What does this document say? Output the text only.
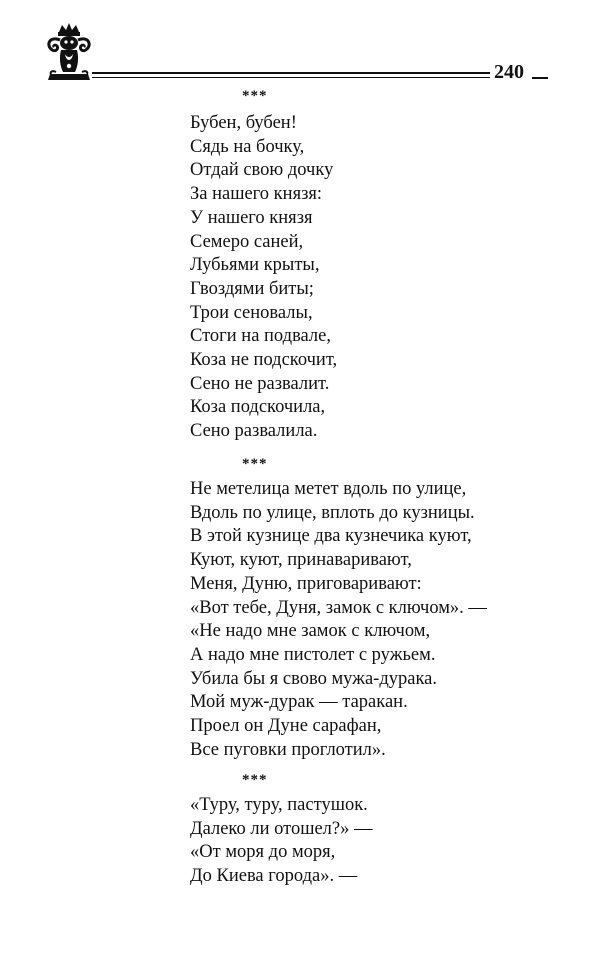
240
***
Бубен, бубен!
Сядь на бочку,
Отдай свою дочку
За нашего князя:
У нашего князя
Семеро саней,
Лубьями крыты,
Гвоздями биты;
Трои сеновалы,
Стоги на подвале,
Коза не подскочит,
Сено не развалит.
Коза подскочила,
Сено развалила.
***
Не метелица метет вдоль по улице,
Вдоль по улице, вплоть до кузницы.
В этой кузнице два кузнечика куют,
Куют, куют, принаваривают,
Меня, Дуню, приговаривают:
«Вот тебе, Дуня, замок с ключом». —
«Не надо мне замок с ключом,
А надо мне пистолет с ружьем.
Убила бы я свово мужа-дурака.
Мой муж-дурак — таракан.
Проел он Дуне сарафан,
Все пуговки проглотил».
***
«Туру, туру, пастушок.
Далеко ли отошел?» —
«От моря до моря,
До Киева города». —
